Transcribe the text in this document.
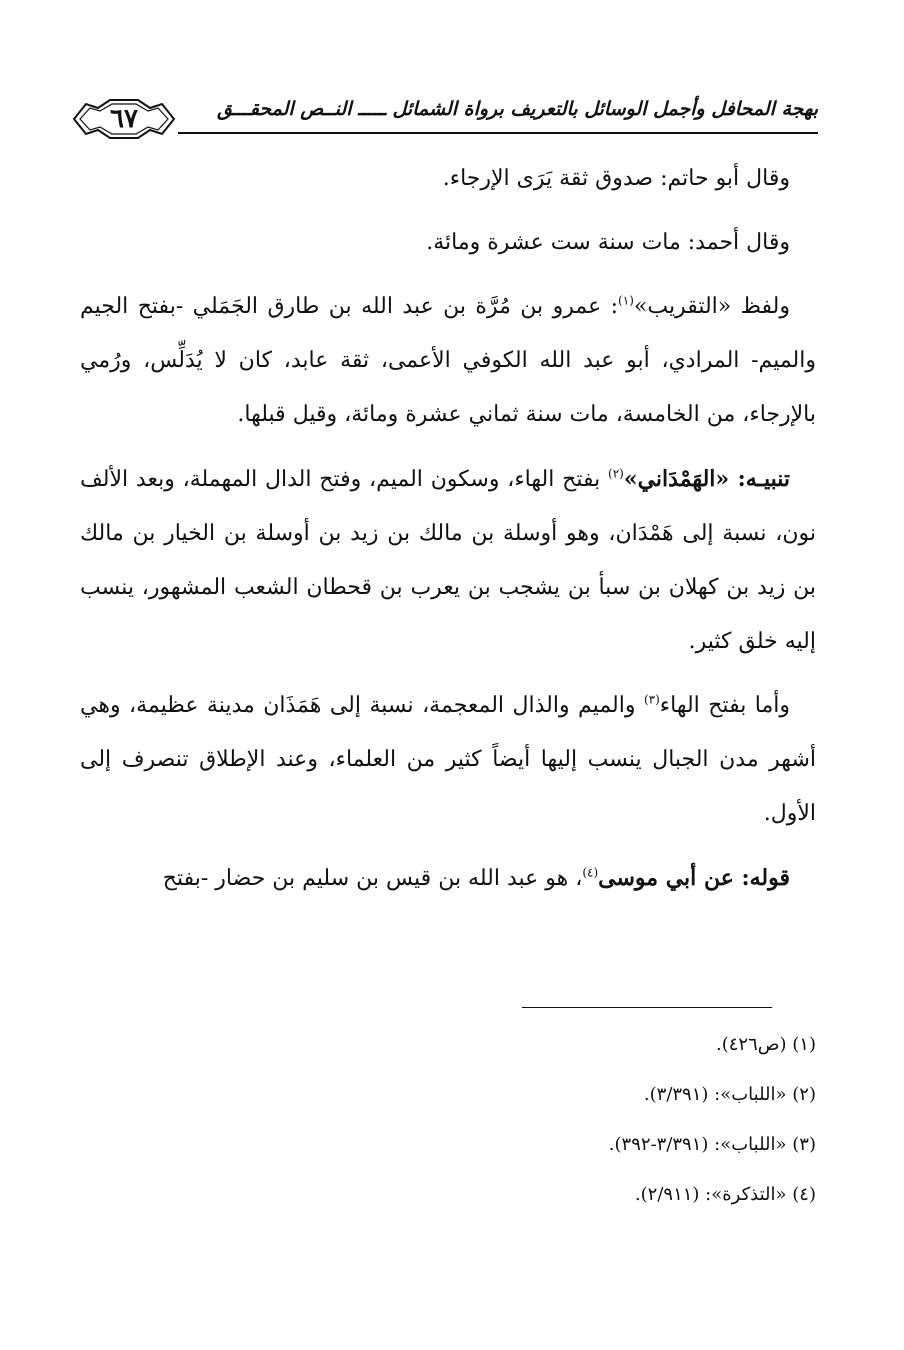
٦٧	بهجة المحافل وأجمل الوسائل بالتعريف برواة الشمائل ـــــ النــص المحقـــق

وقال أبو حاتم: صدوق ثقة يَرَى الإرجاء.

وقال أحمد: مات سنة ست عشرة ومائة.

ولفظ «التقريب»$^{(١)}$: عمرو بن مُرَّة بن عبد الله بن طارق الجَمَلي -بفتح الجيم والميم- المرادي، أبو عبد الله الكوفي الأعمى، ثقة عابد، كان لا يُدَلِّس، ورُمي بالإرجاء، من الخامسة، مات سنة ثماني عشرة ومائة، وقيل قبلها.

تنبيـه: «الهَمْدَاني»$^{(٢)}$ بفتح الهاء، وسكون الميم، وفتح الدال المهملة، وبعد الألف نون، نسبة إلى هَمْدَان، وهو أوسلة بن مالك بن زيد بن أوسلة بن الخيار بن مالك بن زيد بن كهلان بن سبأ بن يشجب بن يعرب بن قحطان الشعب المشهور، ينسب إليه خلق كثير.

وأما بفتح الهاء$^{(٣)}$ والميم والذال المعجمة، نسبة إلى هَمَذَان مدينة عظيمة، وهي أشهر مدن الجبال ينسب إليها أيضاً كثير من العلماء، وعند الإطلاق تنصرف إلى الأول.

قوله: عن أبي موسى$^{(٤)}$، هو عبد الله بن قيس بن سليم بن حضار -بفتح

(١) (ص٤٢٦).
(٢) «اللباب»: (٣/٣٩١).
(٣) «اللباب»: (٣/٣٩١-٣٩٢).
(٤) «التذكرة»: (٢/٩١١).
